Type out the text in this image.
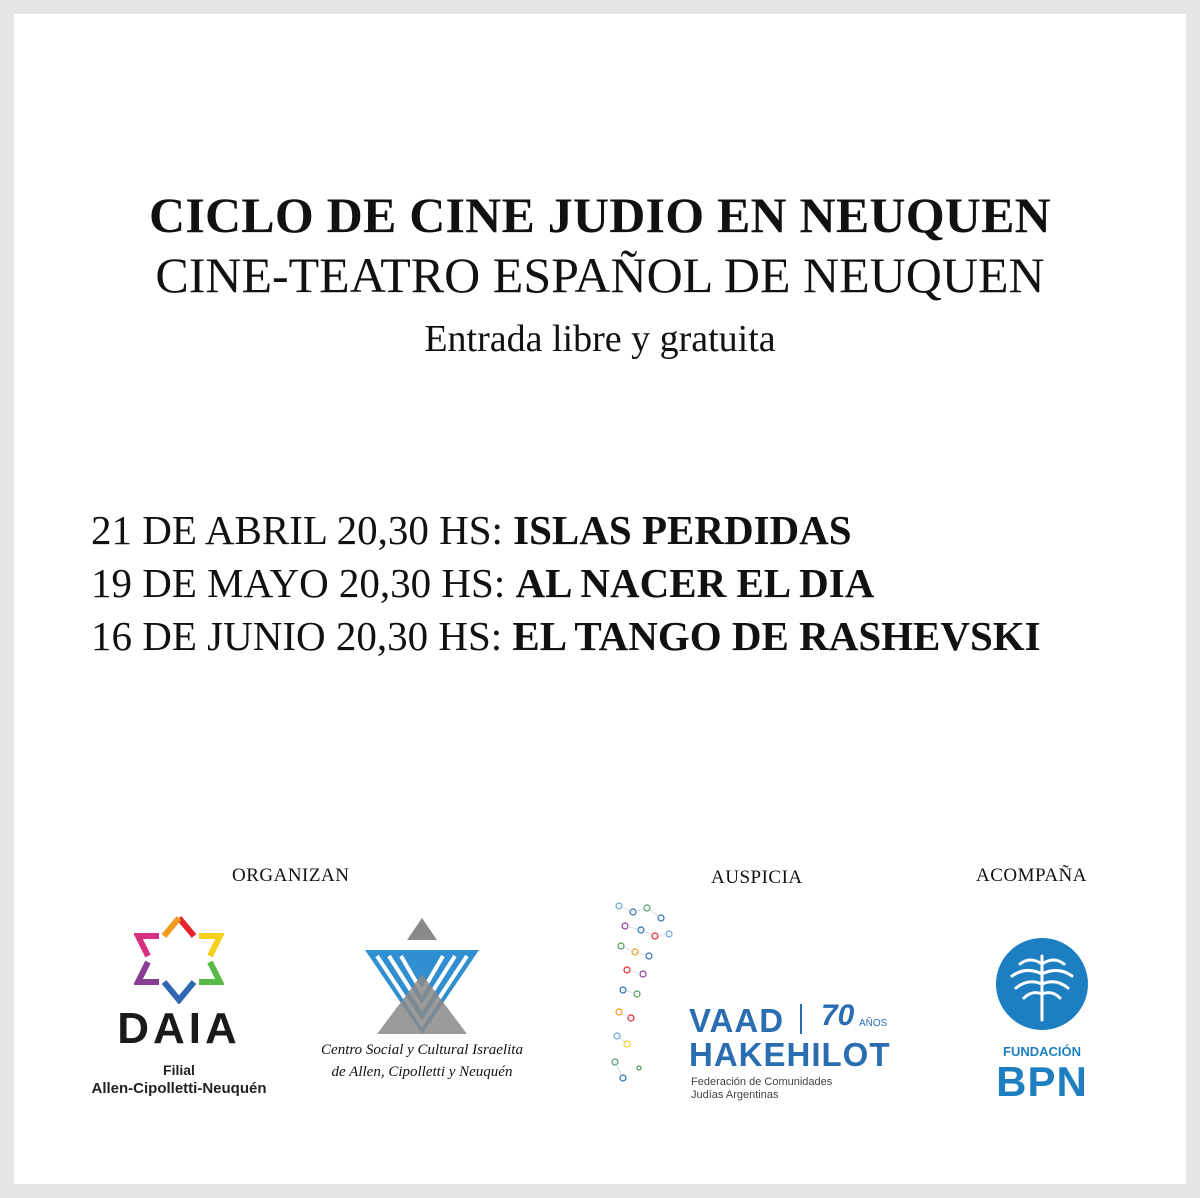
CICLO DE CINE JUDIO EN NEUQUEN
CINE-TEATRO ESPAÑOL DE NEUQUEN
Entrada libre y gratuita
21 DE ABRIL 20,30 HS: ISLAS PERDIDAS
19 DE MAYO 20,30 HS: AL NACER EL DIA
16 DE JUNIO 20,30 HS: EL TANGO DE RASHEVSKI
ORGANIZAN	AUSPICIA	ACOMPAÑA
DAIA
Filial
Allen-Cipolletti-Neuquén
Centro Social y Cultural Israelita
de Allen, Cipolletti y Neuquén
VAAD 70 AÑOS
HAKEHILOT
Federación de Comunidades
Judías Argentinas
FUNDACIÓN
BPN
